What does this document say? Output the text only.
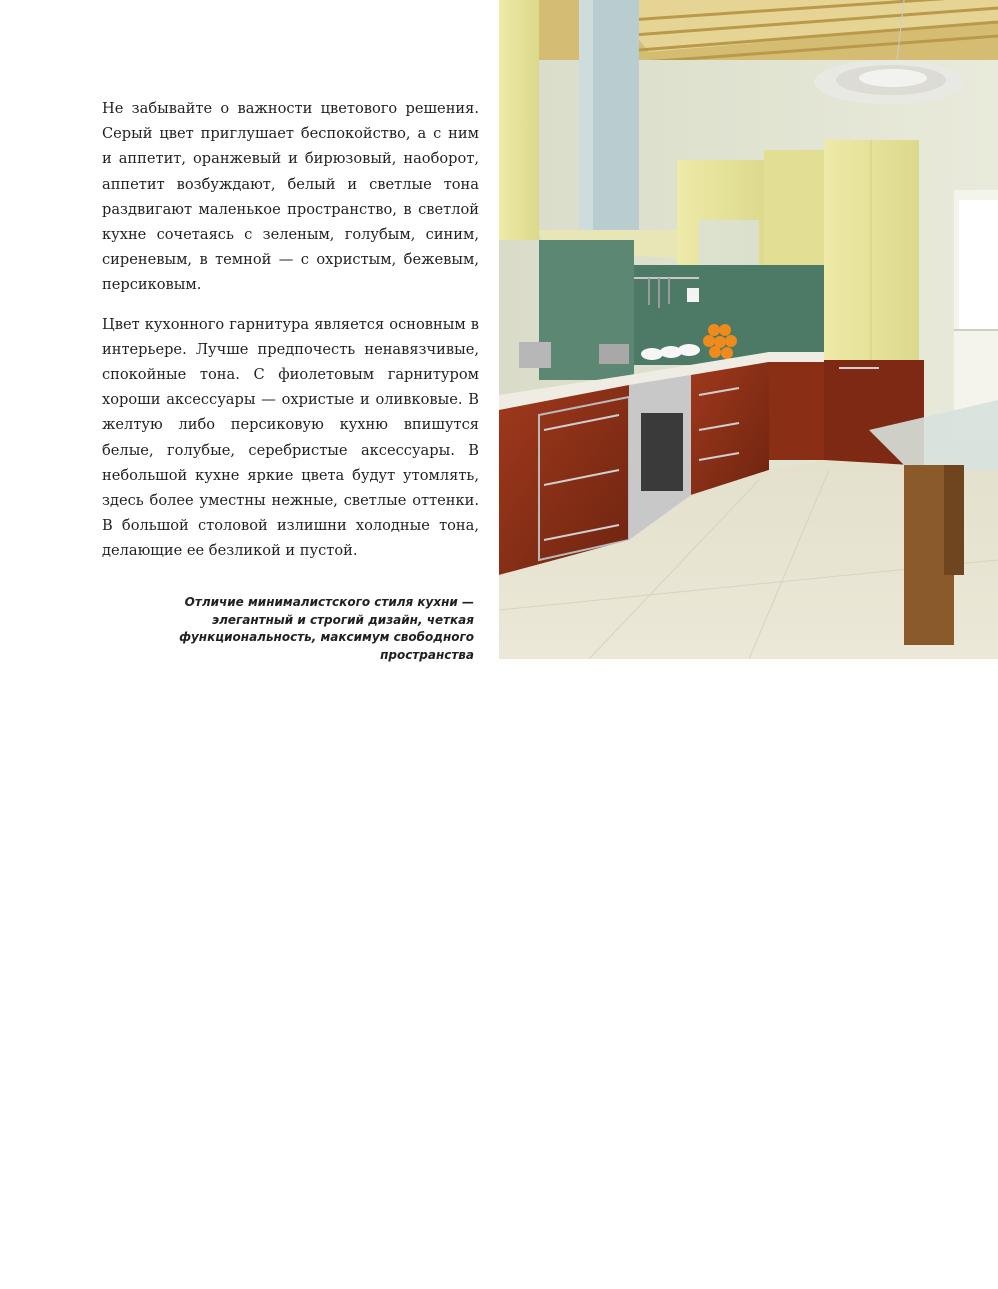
Не забывайте о важности цветового решения. Серый цвет приглушает беспокойство, а с ним и аппетит, оранжевый и бирюзовый, наоборот, аппетит возбуждают, белый и светлые тона раздвигают маленькое пространство, в светлой кухне сочетаясь с зеленым, голубым, синим, сиреневым, в темной — с охристым, бежевым, персиковым.

Цвет кухонного гарнитура является основным в интерьере. Лучше предпочесть ненавязчивые, спокойные тона. С фиолетовым гарнитуром хороши аксессуары — охристые и оливковые. В желтую либо персиковую кухню впишутся белые, голубые, серебристые аксессуары. В небольшой кухне яркие цвета будут утомлять, здесь более уместны нежные, светлые оттенки. В большой столовой излишни холодные тона, делающие ее безликой и пустой.

Отличие минималистского стиля кухни — элегантный и строгий дизайн, четкая функциональность, максимум свободного пространства
